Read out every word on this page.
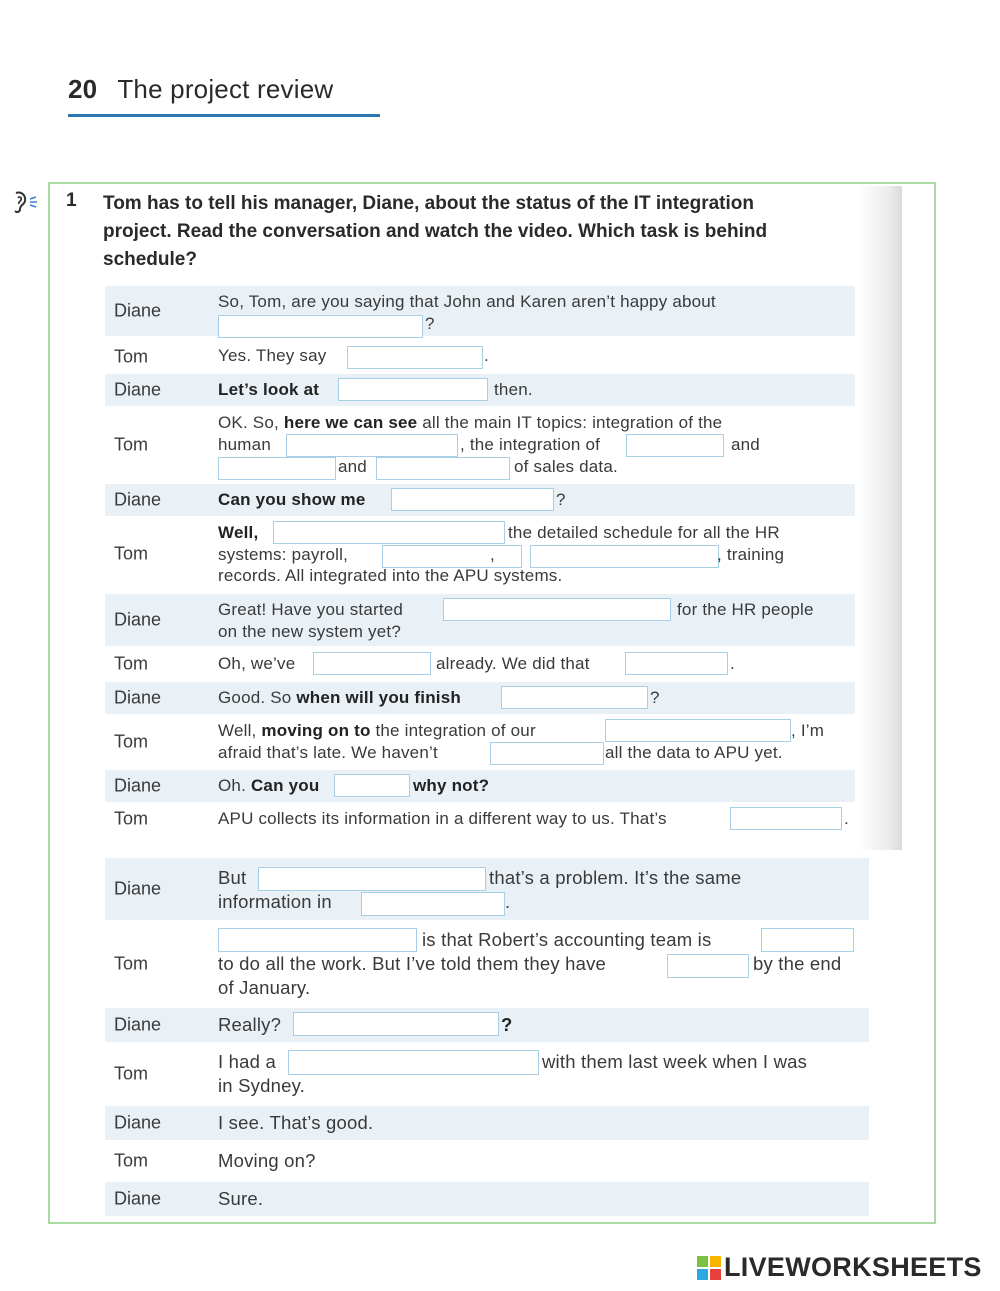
20 The project review
1 Tom has to tell his manager, Diane, about the status of the IT integration
project. Read the conversation and watch the video. Which task is behind
schedule?
Diane	So, Tom, are you saying that John and Karen aren’t happy about
?
Tom	Yes. They say	.
Diane	Let’s look at	then.
Tom
OK. So, here we can see all the main IT topics: integration of the
human	, the integration of	and
and	of sales data.
Diane	Can you show me	?
Tom
Well,	the detailed schedule for all the HR
systems: payroll,	,	, training
records. All integrated into the APU systems.
Diane	Great! Have you started	for the HR people
on the new system yet?
Tom	Oh, we’ve	already. We did that	.
Diane	Good. So when will you finish	?
Tom
Well, moving on to the integration of our	, I’m
afraid that’s late. We haven’t	all the data to APU yet.
Diane	Oh. Can you	why not?
Tom	APU collects its information in a different way to us. That’s	.
Diane
But	that’s a problem. It’s the same
information in	.
Tom
is that Robert’s accounting team is
to do all the work. But I’ve told them they have	by the end
of January.
Diane	Really?	?
Tom
I had a	with them last week when I was
in Sydney.
Diane	I see. That’s good.
Tom	Moving on?
Diane	Sure.
LIVEWORKSHEETS
